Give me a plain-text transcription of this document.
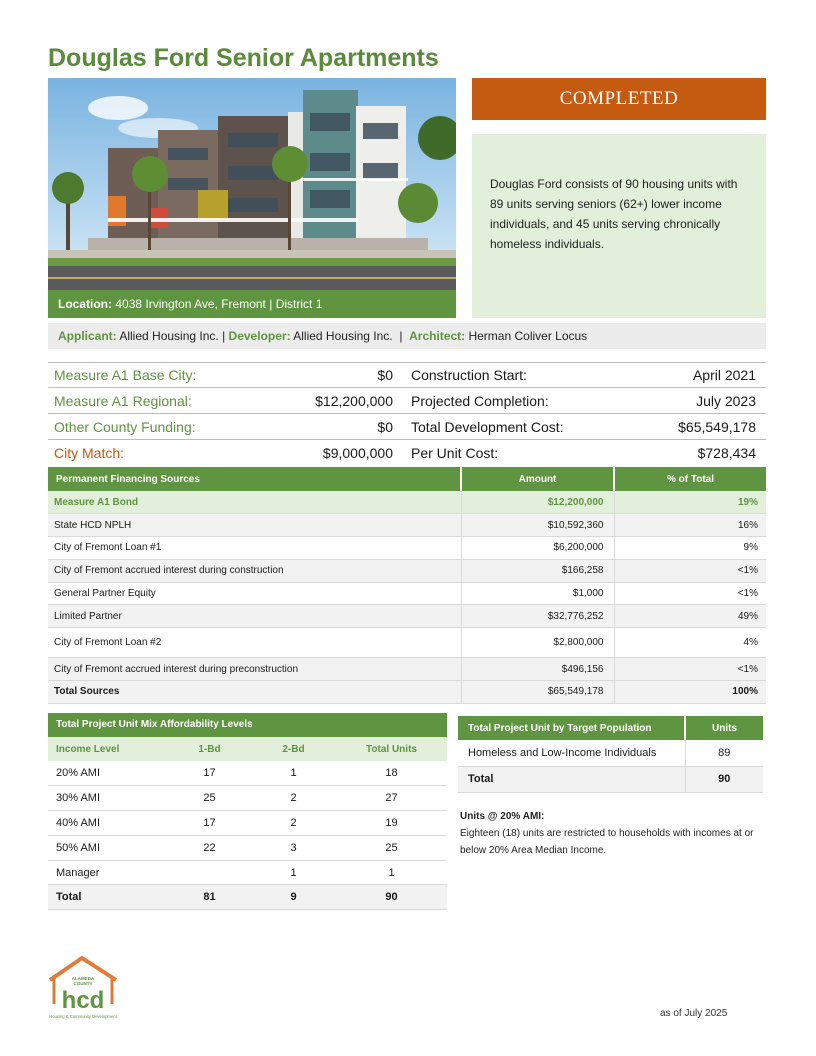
Douglas Ford Senior Apartments
Location: 4038 Irvington Ave, Fremont | District 1
COMPLETED
Douglas Ford consists of 90 housing units with 89 units serving seniors (62+) lower income individuals, and 45 units serving chronically homeless individuals.
Applicant: Allied Housing Inc. | Developer: Allied Housing Inc. | Architect: Herman Coliver Locus
Measure A1 Base City:	$0	Construction Start:	April 2021
Measure A1 Regional:	$12,200,000	Projected Completion:	July 2023
Other County Funding:	$0	Total Development Cost:	$65,549,178
City Match:	$9,000,000	Per Unit Cost:	$728,434
Permanent Financing Sources	Amount	% of Total
Measure A1 Bond	$12,200,000	19%
State HCD NPLH	$10,592,360	16%
City of Fremont Loan #1	$6,200,000	9%
City of Fremont accrued interest during construction	$166,258	<1%
General Partner Equity	$1,000	<1%
Limited Partner	$32,776,252	49%
City of Fremont Loan #2	$2,800,000	4%
City of Fremont accrued interest during preconstruction	$496,156	<1%
Total Sources	$65,549,178	100%
Total Project Unit Mix Affordability Levels
Income Level	1-Bd	2-Bd	Total Units
20% AMI	17	1	18
30% AMI	25	2	27
40% AMI	17	2	19
50% AMI	22	3	25
Manager		1	1
Total	81	9	90
Total Project Unit by Target Population	Units
Homeless and Low-Income Individuals	89
Total	90
Units @ 20% AMI:
Eighteen (18) units are restricted to households with incomes at or below 20% Area Median Income.
ALAMEDA
COUNTY
hcd
Housing & Community Development	as of July 2025
